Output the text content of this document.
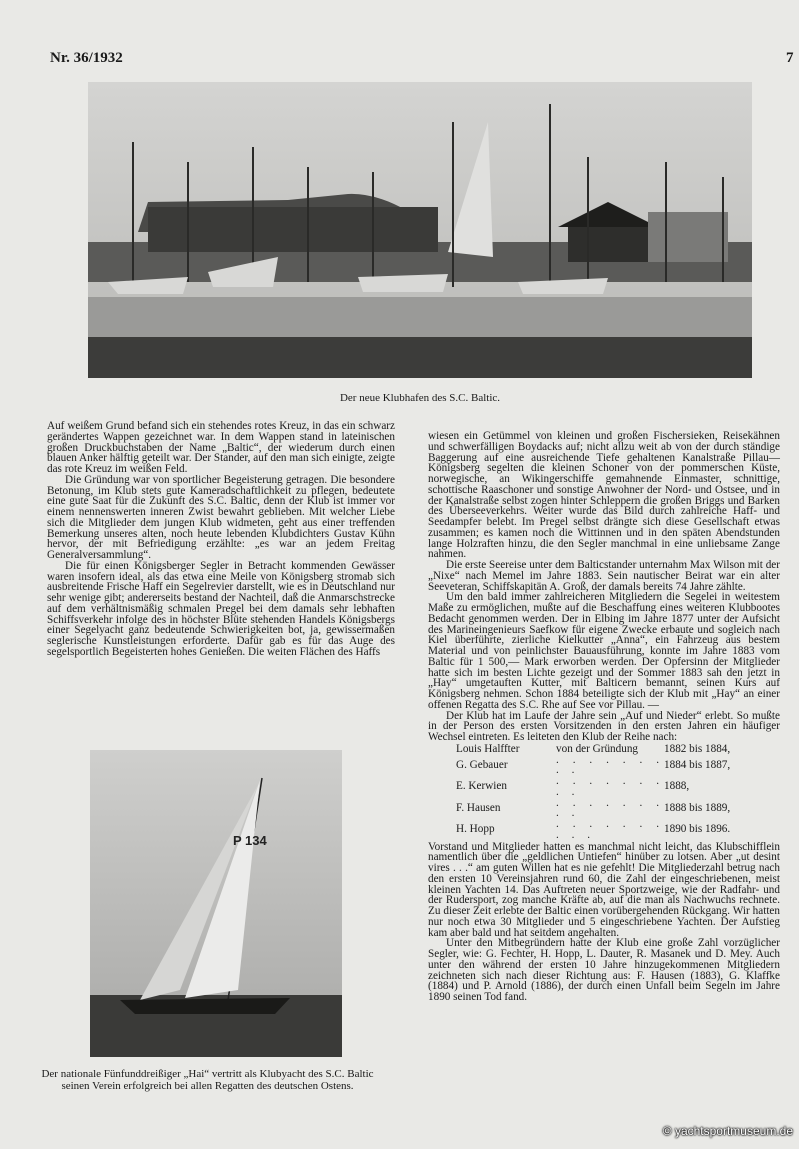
Nr. 36/1932	7
Der neue Klubhafen des S.C. Baltic.

Auf weißem Grund befand sich ein stehendes rotes Kreuz, in das ein schwarz gerändertes Wappen gezeichnet war. In dem Wappen stand in lateinischen großen Druckbuchstaben der Name „Baltic“, der wiederum durch einen blauen Anker hälftig geteilt war. Der Stander, auf den man sich einigte, zeigte das rote Kreuz im weißen Feld.

Die Gründung war von sportlicher Begeisterung getragen. Die besondere Betonung, im Klub stets gute Kameradschaftlichkeit zu pflegen, bedeutete eine gute Saat für die Zukunft des S.C. Baltic, denn der Klub ist immer vor einem nennenswerten inneren Zwist bewahrt geblieben. Mit welcher Liebe sich die Mitglieder dem jungen Klub widmeten, geht aus einer treffenden Bemerkung unseres alten, noch heute lebenden Klubdichters Gustav Kühn hervor, der mit Befriedigung erzählte: „es war an jedem Freitag Generalversammlung“.

Die für einen Königsberger Segler in Betracht kommenden Gewässer waren insofern ideal, als das etwa eine Meile von Königsberg stromab sich ausbreitende Frische Haff ein Segelrevier darstellt, wie es in Deutschland nur sehr wenige gibt; andererseits bestand der Nachteil, daß die Anmarschstrecke auf dem verhältnismäßig schmalen Pregel bei dem damals sehr lebhaften Schiffsverkehr infolge des in höchster Blüte stehenden Handels Königsbergs einer Segelyacht ganz bedeutende Schwierigkeiten bot, ja, gewissermaßen seglerische Kunstleistungen erforderte. Dafür gab es für das Auge des segelsportlich Begeisterten hohes Genießen. Die weiten Flächen des Haffs

P 134
Der nationale Fünfunddreißiger „Hai“ vertritt als Klubyacht des S.C. Baltic seinen Verein erfolgreich bei allen Regatten des deutschen Ostens.

wiesen ein Getümmel von kleinen und großen Fischersieken, Reisekähnen und schwerfälligen Boydacks auf; nicht allzu weit ab von der durch ständige Baggerung auf eine ausreichende Tiefe gehaltenen Kanalstraße Pillau—Königsberg segelten die kleinen Schoner von der pommerschen Küste, norwegische, an Wikingerschiffe gemahnende Einmaster, schnittige, schottische Raaschoner und sonstige Anwohner der Nord- und Ostsee, und in der Kanalstraße selbst zogen hinter Schleppern die großen Briggs und Barken des Überseeverkehrs. Weiter wurde das Bild durch zahlreiche Haff- und Seedampfer belebt. Im Pregel selbst drängte sich diese Gesellschaft etwas zusammen; es kamen noch die Wittinnen und in den späten Abendstunden lange Holzraften hinzu, die den Segler manchmal in eine unliebsame Zange nahmen.

Die erste Seereise unter dem Balticstander unternahm Max Wilson mit der „Nixe“ nach Memel im Jahre 1883. Sein nautischer Beirat war ein alter Seeveteran, Schiffskapitän A. Groß, der damals bereits 74 Jahre zählte.

Um den bald immer zahlreicheren Mitgliedern die Segelei in weitestem Maße zu ermöglichen, mußte auf die Beschaffung eines weiteren Klubbootes Bedacht genommen werden. Der in Elbing im Jahre 1877 unter der Aufsicht des Marineingenieurs Saefkow für eigene Zwecke erbaute und sogleich nach Kiel überführte, zierliche Kielkutter „Anna“, ein Fahrzeug aus bestem Material und von peinlichster Bauausführung, konnte im Jahre 1883 vom Baltic für 1 500,— Mark erworben werden. Der Opfersinn der Mitglieder hatte sich im besten Lichte gezeigt und der Sommer 1883 sah den jetzt in „Hay“ umgetauften Kutter, mit Balticern bemannt, seinen Kurs auf Königsberg nehmen. Schon 1884 beteiligte sich der Klub mit „Hay“ an einer offenen Regatta des S.C. Rhe auf See vor Pillau. —

Der Klub hat im Laufe der Jahre sein „Auf und Nieder“ erlebt. So mußte in der Person des ersten Vorsitzenden in den ersten Jahren ein häufiger Wechsel eintreten. Es leiteten den Klub der Reihe nach:

Louis Halffter	von der Gründung	1882 bis 1884,
G. Gebauer	. . . . . . . . .	1884 bis 1887,
E. Kerwien	. . . . . . . . .	1888,
F. Hausen	. . . . . . . . .	1888 bis 1889,
H. Hopp	. . . . . . . . . .	1890 bis 1896.

Vorstand und Mitglieder hatten es manchmal nicht leicht, das Klubschifflein namentlich über die „geldlichen Untiefen“ hinüber zu lotsen. Aber „ut desint vires . . .“ am guten Willen hat es nie gefehlt! Die Mitgliederzahl betrug nach den ersten 10 Vereinsjahren rund 60, die Zahl der eingeschriebenen, meist kleinen Yachten 14. Das Auftreten neuer Sportzweige, wie der Radfahr- und der Rudersport, zog manche Kräfte ab, auf die man als Nachwuchs rechnete. Zu dieser Zeit erlebte der Baltic einen vorübergehenden Rückgang. Wir hatten nur noch etwa 30 Mitglieder und 5 eingeschriebene Yachten. Der Aufstieg kam aber bald und hat seitdem angehalten.

Unter den Mitbegründern hatte der Klub eine große Zahl vorzüglicher Segler, wie: G. Fechter, H. Hopp, L. Dauter, R. Masanek und D. Mey. Auch unter den während der ersten 10 Jahre hinzugekommenen Mitgliedern zeichneten sich nach dieser Richtung aus: F. Hausen (1883), G. Klaffke (1884) und P. Arnold (1886), der durch einen Unfall beim Segeln im Jahre 1890 seinen Tod fand.

© yachtsportmuseum.de
